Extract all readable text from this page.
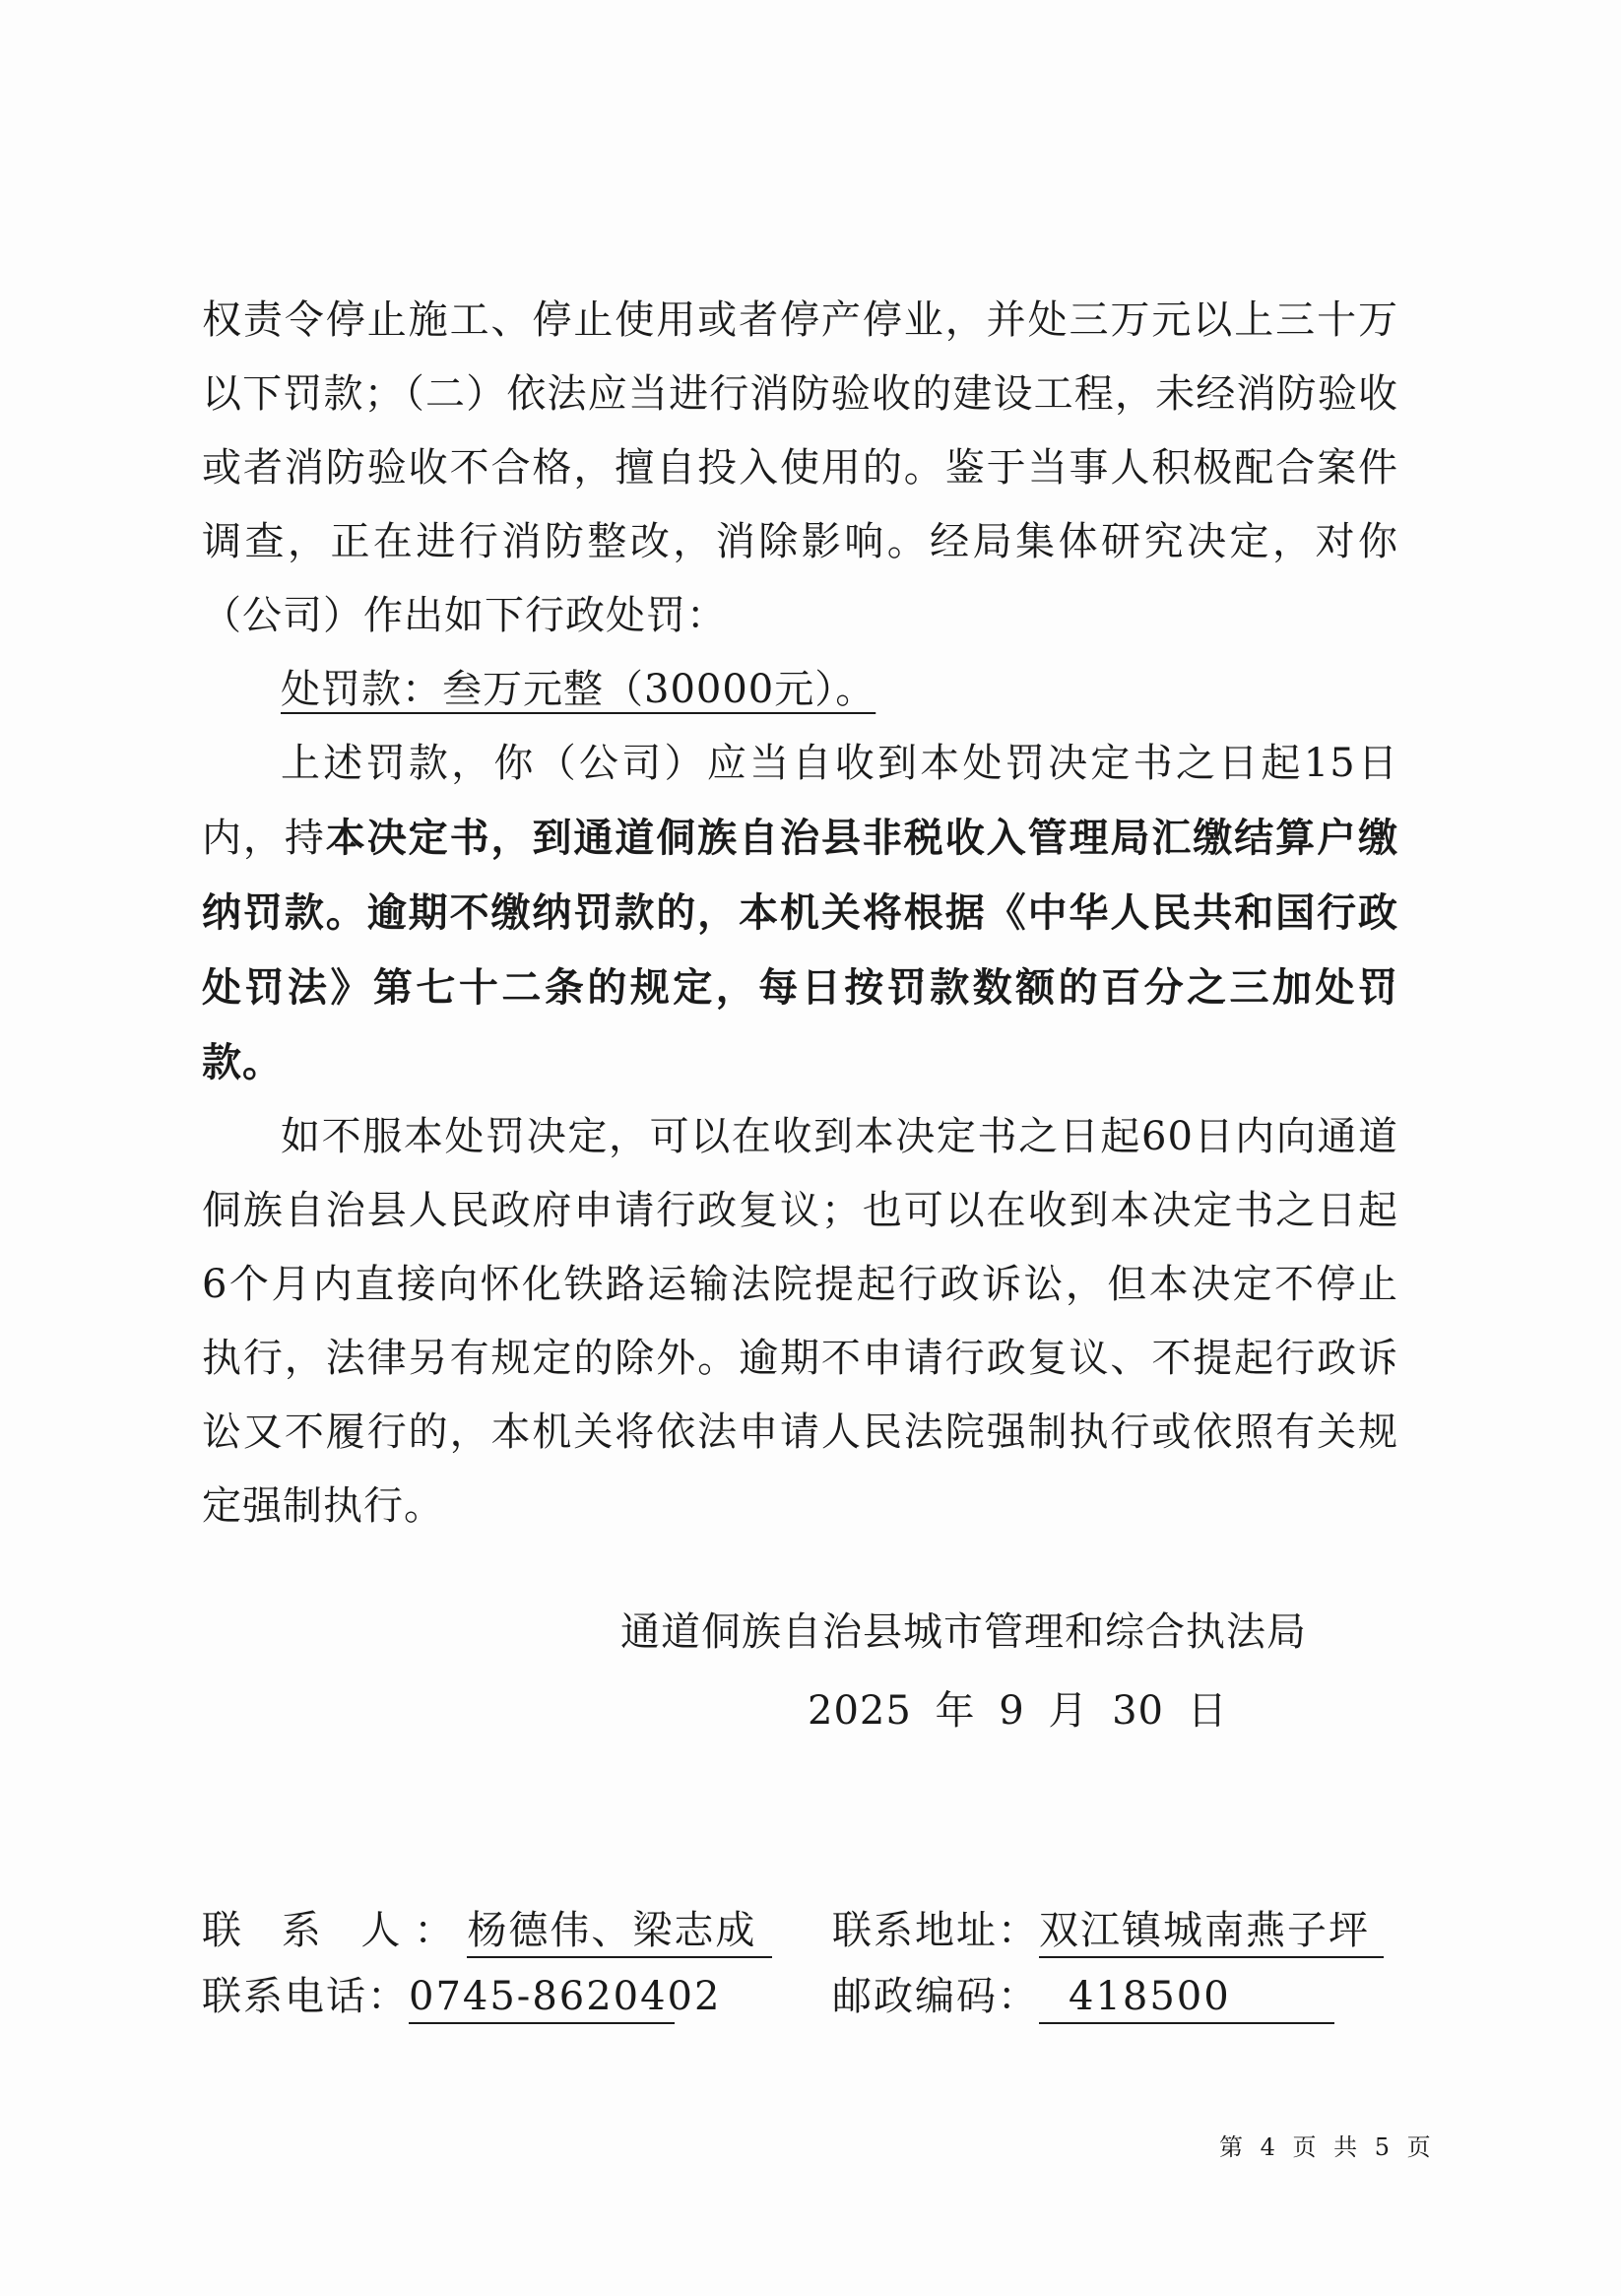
权责令停止施工、停止使用或者停产停业，并处三万元以上三十万以下罚款；（二）依法应当进行消防验收的建设工程，未经消防验收或者消防验收不合格，擅自投入使用的。鉴于当事人积极配合案件调查，正在进行消防整改，消除影响。经局集体研究决定，对你（公司）作出如下行政处罚：

处罚款：叁万元整（30000元）。

上述罚款，你（公司）应当自收到本处罚决定书之日起15日内，持本决定书，到通道侗族自治县非税收入管理局汇缴结算户缴纳罚款。逾期不缴纳罚款的，本机关将根据《中华人民共和国行政处罚法》第七十二条的规定，每日按罚款数额的百分之三加处罚款。

如不服本处罚决定，可以在收到本决定书之日起60日内向通道侗族自治县人民政府申请行政复议；也可以在收到本决定书之日起6个月内直接向怀化铁路运输法院提起行政诉讼，但本决定不停止执行，法律另有规定的除外。逾期不申请行政复议、不提起行政诉讼又不履行的，本机关将依法申请人民法院强制执行或依照有关规定强制执行。

通道侗族自治县城市管理和综合执法局
2025 年 9 月 30 日
联 系 人：杨德伟、梁志成	联系地址：双江镇城南燕子坪
联系电话：0745-8620402	邮政编码： 418500
第 4 页 共 5 页
